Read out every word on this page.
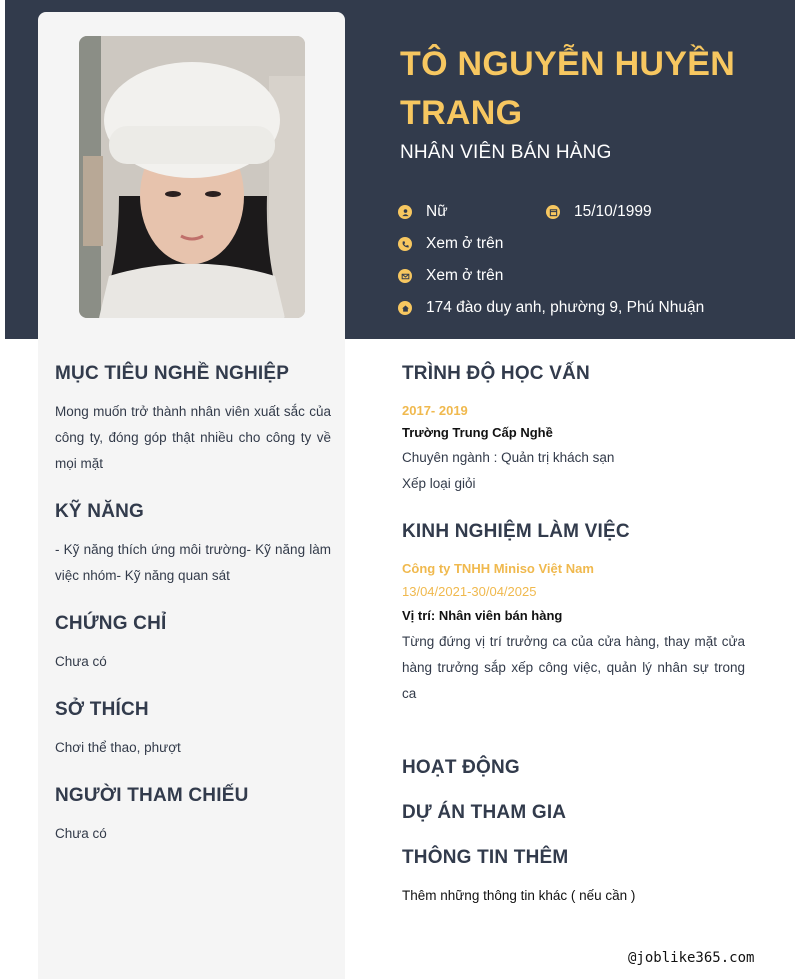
TÔ NGUYỄN HUYỀN TRANG
NHÂN VIÊN BÁN HÀNG
Nữ	15/10/1999
Xem ở trên
Xem ở trên
174 đào duy anh, phường 9, Phú Nhuận
MỤC TIÊU NGHỀ NGHIỆP
Mong muốn trở thành nhân viên xuất sắc của công ty, đóng góp thật nhiều cho công ty về mọi mặt
KỸ NĂNG
- Kỹ năng thích ứng môi trường- Kỹ năng làm việc nhóm- Kỹ năng quan sát
CHỨNG CHỈ
Chưa có
SỞ THÍCH
Chơi thể thao, phượt
NGƯỜI THAM CHIẾU
Chưa có
TRÌNH ĐỘ HỌC VẤN
2017- 2019
Trường Trung Cấp Nghề
Chuyên ngành : Quản trị khách sạn
Xếp loại giỏi
KINH NGHIỆM LÀM VIỆC
Công ty TNHH Miniso Việt Nam
13/04/2021-30/04/2025
Vị trí: Nhân viên bán hàng
Từng đứng vị trí trưởng ca của cửa hàng, thay mặt cửa hàng trưởng sắp xếp công việc, quản lý nhân sự trong ca
HOẠT ĐỘNG
DỰ ÁN THAM GIA
THÔNG TIN THÊM
Thêm những thông tin khác ( nếu cần )
@joblike365.com
